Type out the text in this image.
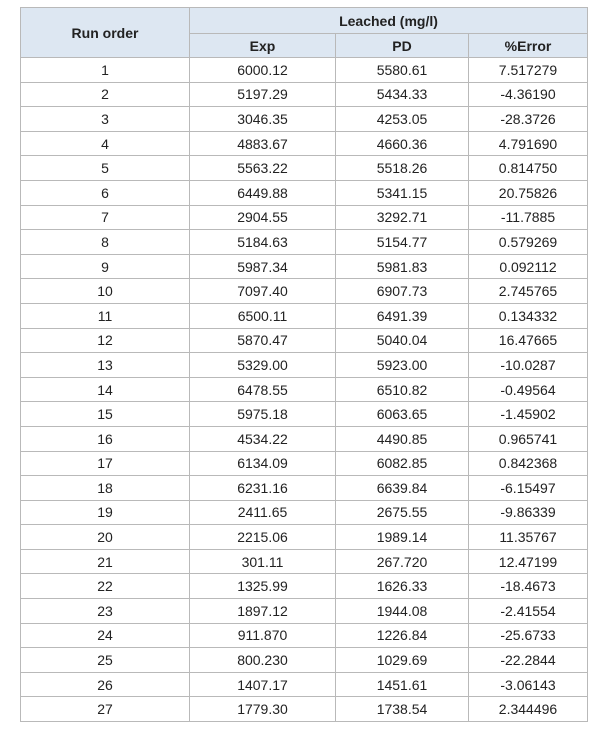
Run order	Leached (mg/l)		
	Exp	PD	%Error
1	6000.12	5580.61	7.517279
2	5197.29	5434.33	-4.36190
3	3046.35	4253.05	-28.3726
4	4883.67	4660.36	4.791690
5	5563.22	5518.26	0.814750
6	6449.88	5341.15	20.75826
7	2904.55	3292.71	-11.7885
8	5184.63	5154.77	0.579269
9	5987.34	5981.83	0.092112
10	7097.40	6907.73	2.745765
11	6500.11	6491.39	0.134332
12	5870.47	5040.04	16.47665
13	5329.00	5923.00	-10.0287
14	6478.55	6510.82	-0.49564
15	5975.18	6063.65	-1.45902
16	4534.22	4490.85	0.965741
17	6134.09	6082.85	0.842368
18	6231.16	6639.84	-6.15497
19	2411.65	2675.55	-9.86339
20	2215.06	1989.14	11.35767
21	301.11	267.720	12.47199
22	1325.99	1626.33	-18.4673
23	1897.12	1944.08	-2.41554
24	911.870	1226.84	-25.6733
25	800.230	1029.69	-22.2844
26	1407.17	1451.61	-3.06143
27	1779.30	1738.54	2.344496
